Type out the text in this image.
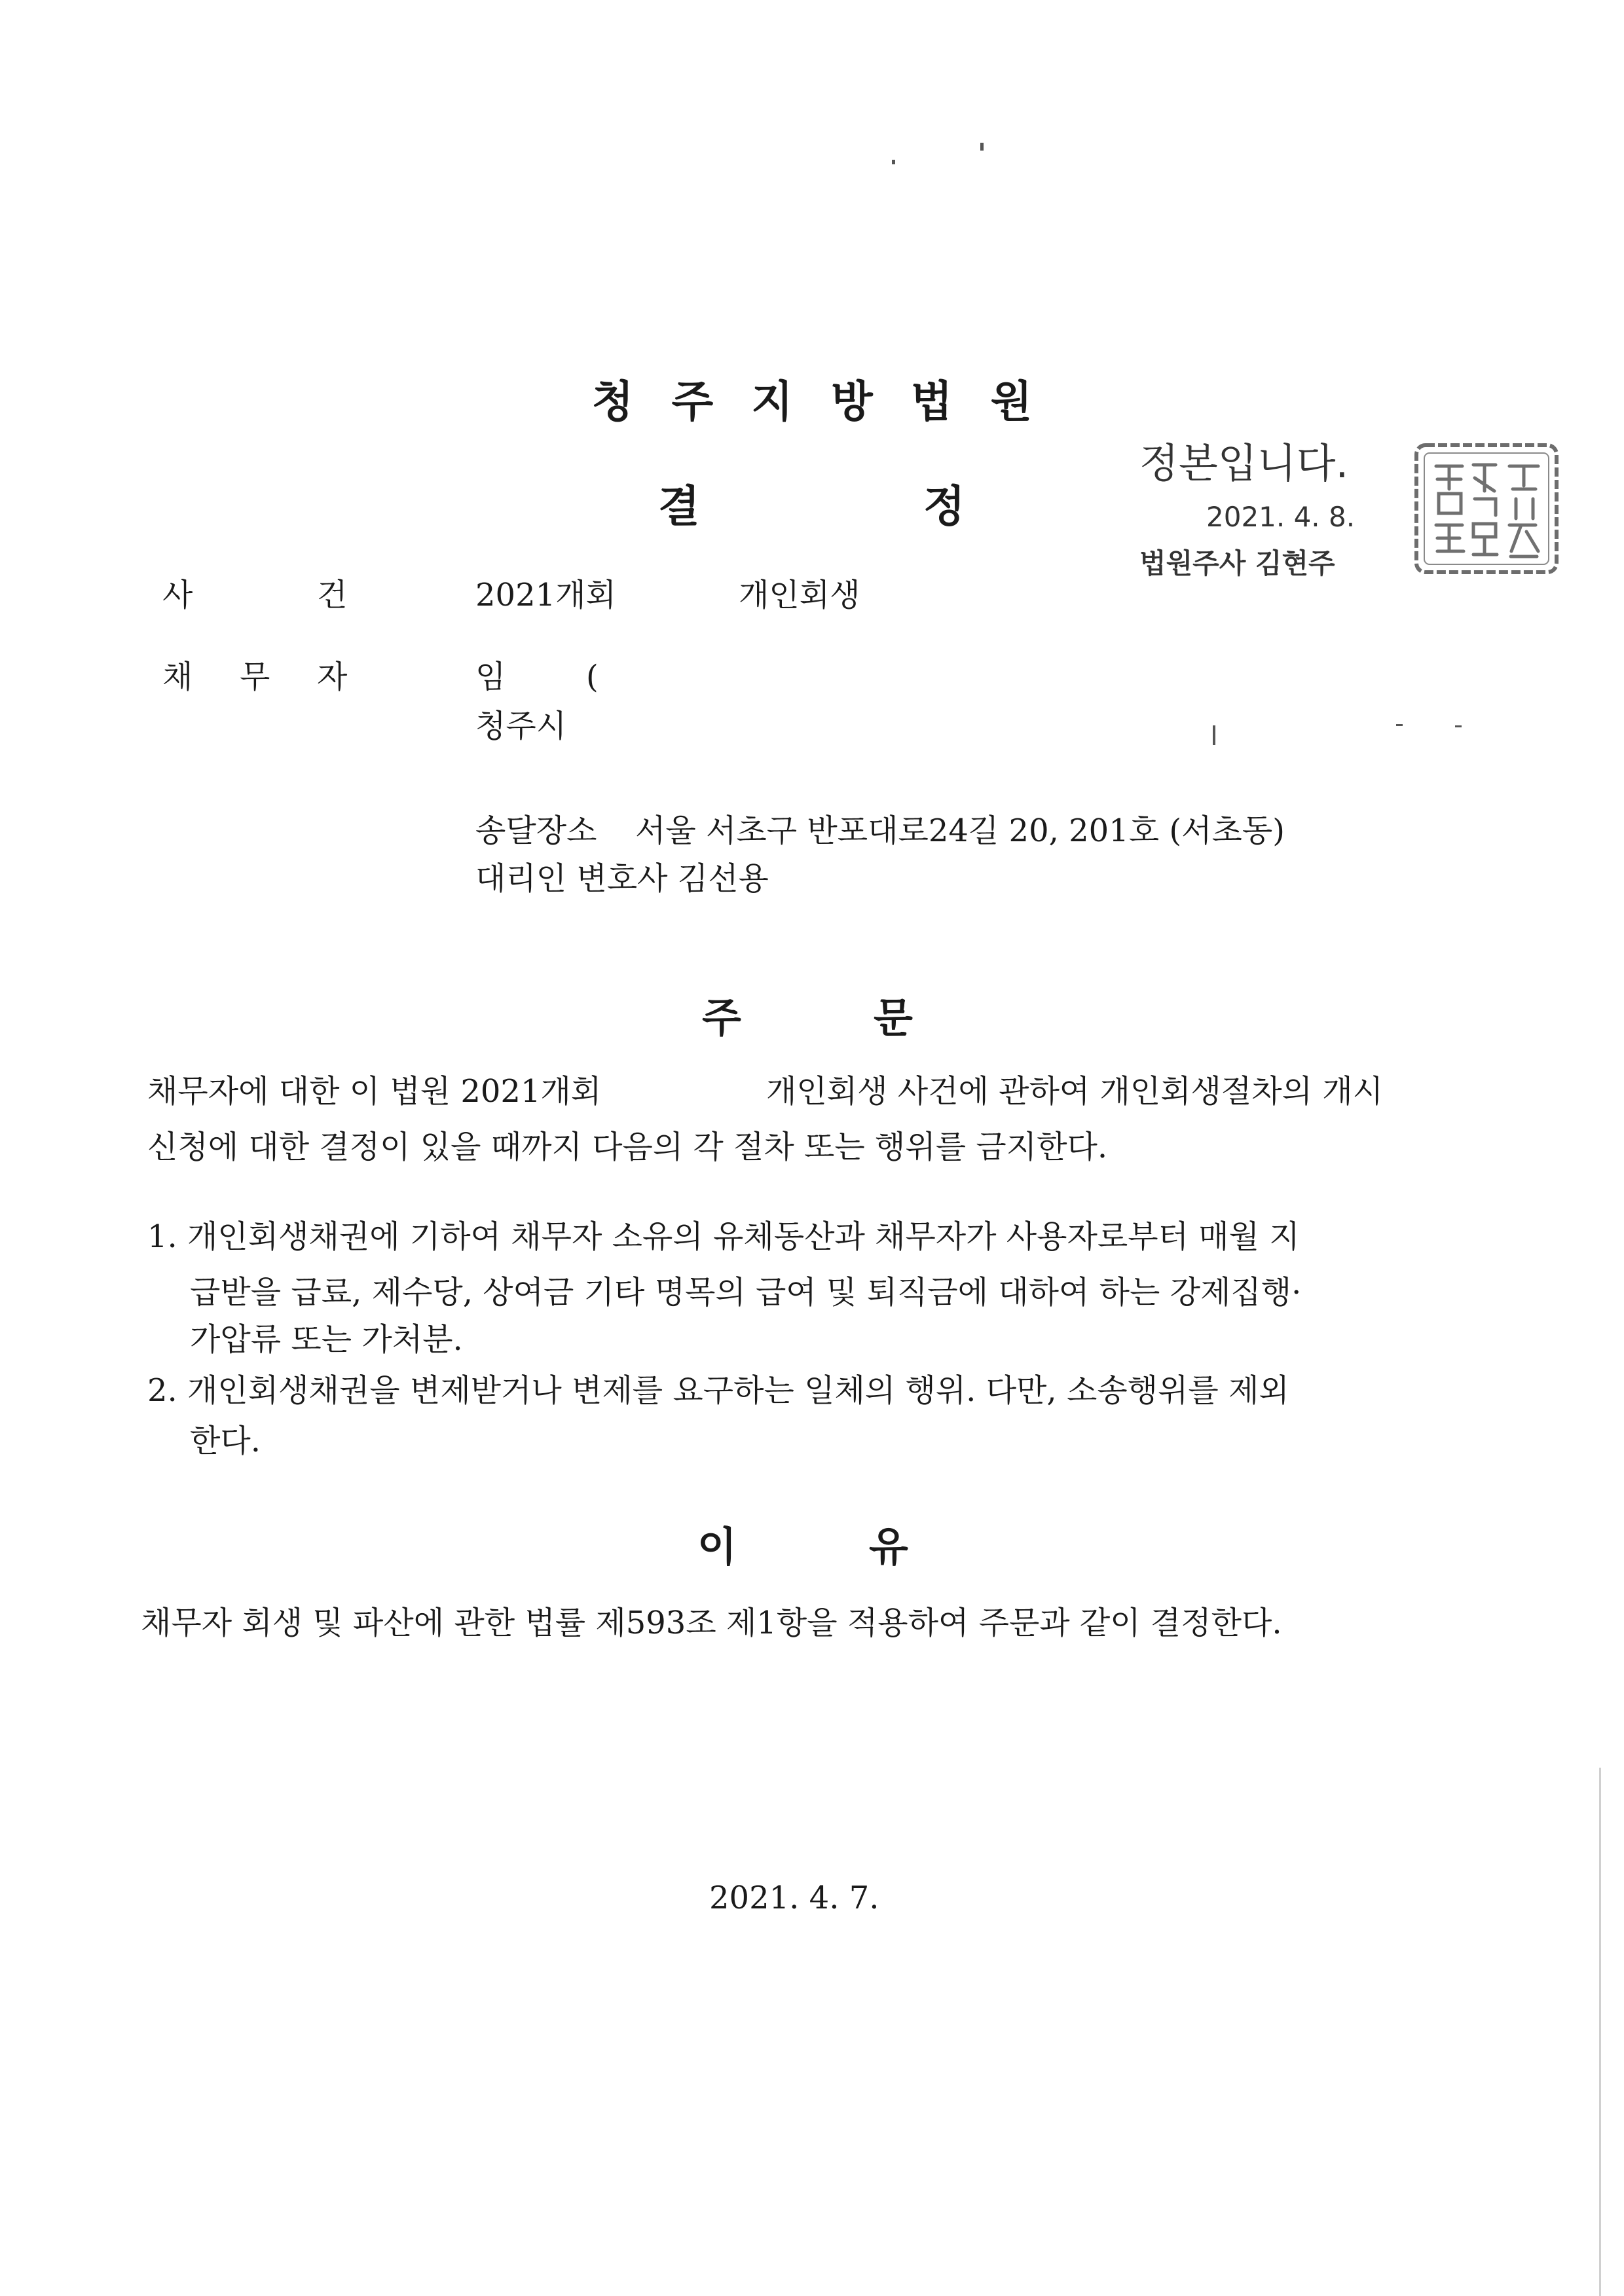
청주지방법원
결	정
정본입니다.
2021. 4. 8.
법원주사 김현주
사	건	2021개회	개인회생
채 무 자	임	(
청주시
송달장소 서울 서초구 반포대로24길 20, 201호 (서초동)
대리인 변호사 김선용
주	문
채무자에 대한 이 법원 2021개회	개인회생 사건에 관하여 개인회생절차의 개시
신청에 대한 결정이 있을 때까지 다음의 각 절차 또는 행위를 금지한다.
1. 개인회생채권에 기하여 채무자 소유의 유체동산과 채무자가 사용자로부터 매월 지
급받을 급료, 제수당, 상여금 기타 명목의 급여 및 퇴직금에 대하여 하는 강제집행·
가압류 또는 가처분.
2. 개인회생채권을 변제받거나 변제를 요구하는 일체의 행위. 다만, 소송행위를 제외
한다.
이	유
채무자 회생 및 파산에 관한 법률 제593조 제1항을 적용하여 주문과 같이 결정한다.
2021. 4. 7.
